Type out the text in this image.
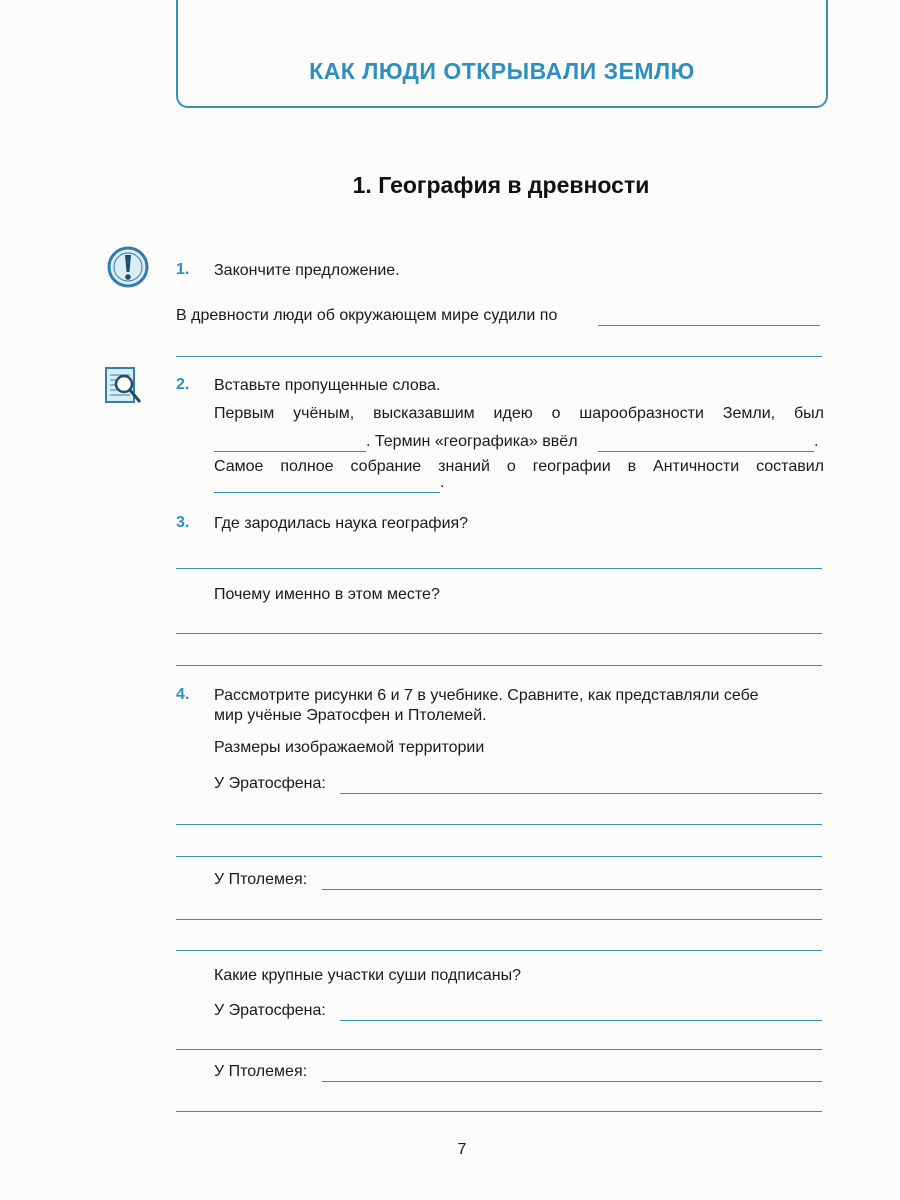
КАК ЛЮДИ ОТКРЫВАЛИ ЗЕМЛЮ
1. География в древности
1. Закончите предложение.
В древности люди об окружающем мире судили по
2. Вставьте пропущенные слова.
Первым учёным, высказавшим идею о шарообразности Земли, был
. Термин «географика» ввёл	.
Самое полное собрание знаний о географии в Античности составил
.
3. Где зародилась наука география?
Почему именно в этом месте?
4. Рассмотрите рисунки 6 и 7 в учебнике. Сравните, как представляли себе
мир учёные Эратосфен и Птолемей.
Размеры изображаемой территории
У Эратосфена:
У Птолемея:
Какие крупные участки суши подписаны?
У Эратосфена:
У Птолемея:
7
